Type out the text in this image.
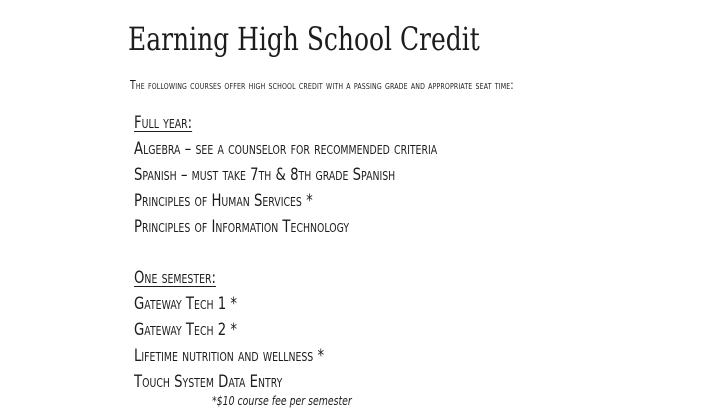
Earning High School Credit
The following courses offer high school credit with a passing grade and appropriate seat time:
Full year:
Algebra – see a counselor for recommended criteria
Spanish – must take 7th & 8th grade Spanish
Principles of Human Services *
Principles of Information Technology
One semester:
Gateway Tech 1 *
Gateway Tech 2 *
Lifetime nutrition and wellness *
Touch System Data Entry
*$10 course fee per semester
